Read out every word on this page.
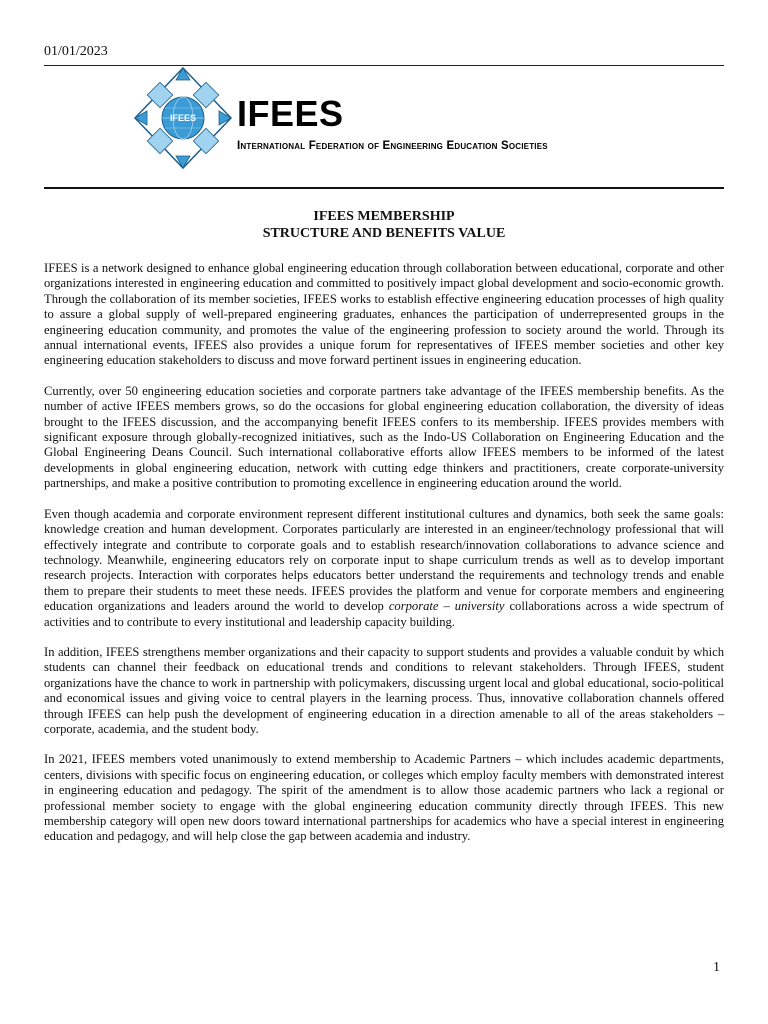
01/01/2023
IFEES IFEES
International Federation of Engineering Education Societies
IFEES MEMBERSHIP
STRUCTURE AND BENEFITS VALUE

IFEES is a network designed to enhance global engineering education through collaboration between educational, corporate and other organizations interested in engineering education and committed to positively impact global development and socio-economic growth. Through the collaboration of its member societies, IFEES works to establish effective engineering education processes of high quality to assure a global supply of well-prepared engineering graduates, enhances the participation of underrepresented groups in the engineering education community, and promotes the value of the engineering profession to society around the world. Through its annual international events, IFEES also provides a unique forum for representatives of IFEES member societies and other key engineering education stakeholders to discuss and move forward pertinent issues in engineering education.

Currently, over 50 engineering education societies and corporate partners take advantage of the IFEES membership benefits. As the number of active IFEES members grows, so do the occasions for global engineering education collaboration, the diversity of ideas brought to the IFEES discussion, and the accompanying benefit IFEES confers to its membership. IFEES provides members with significant exposure through globally-recognized initiatives, such as the Indo-US Collaboration on Engineering Education and the Global Engineering Deans Council. Such international collaborative efforts allow IFEES members to be informed of the latest developments in global engineering education, network with cutting edge thinkers and practitioners, create corporate-university partnerships, and make a positive contribution to promoting excellence in engineering education around the world.

Even though academia and corporate environment represent different institutional cultures and dynamics, both seek the same goals: knowledge creation and human development. Corporates particularly are interested in an engineer/technology professional that will effectively integrate and contribute to corporate goals and to establish research/innovation collaborations to advance science and technology. Meanwhile, engineering educators rely on corporate input to shape curriculum trends as well as to develop important research projects. Interaction with corporates helps educators better understand the requirements and technology trends and enable them to prepare their students to meet these needs. IFEES provides the platform and venue for corporate members and engineering education organizations and leaders around the world to develop corporate – university collaborations across a wide spectrum of activities and to contribute to every institutional and leadership capacity building.

In addition, IFEES strengthens member organizations and their capacity to support students and provides a valuable conduit by which students can channel their feedback on educational trends and conditions to relevant stakeholders. Through IFEES, student organizations have the chance to work in partnership with policymakers, discussing urgent local and global educational, socio-political and economical issues and giving voice to central players in the learning process. Thus, innovative collaboration channels offered through IFEES can help push the development of engineering education in a direction amenable to all of the areas stakeholders – corporate, academia, and the student body.

In 2021, IFEES members voted unanimously to extend membership to Academic Partners – which includes academic departments, centers, divisions with specific focus on engineering education, or colleges which employ faculty members with demonstrated interest in engineering education and pedagogy. The spirit of the amendment is to allow those academic partners who lack a regional or professional member society to engage with the global engineering education community directly through IFEES. This new membership category will open new doors toward international partnerships for academics who have a special interest in engineering education and pedagogy, and will help close the gap between academia and industry.

1
